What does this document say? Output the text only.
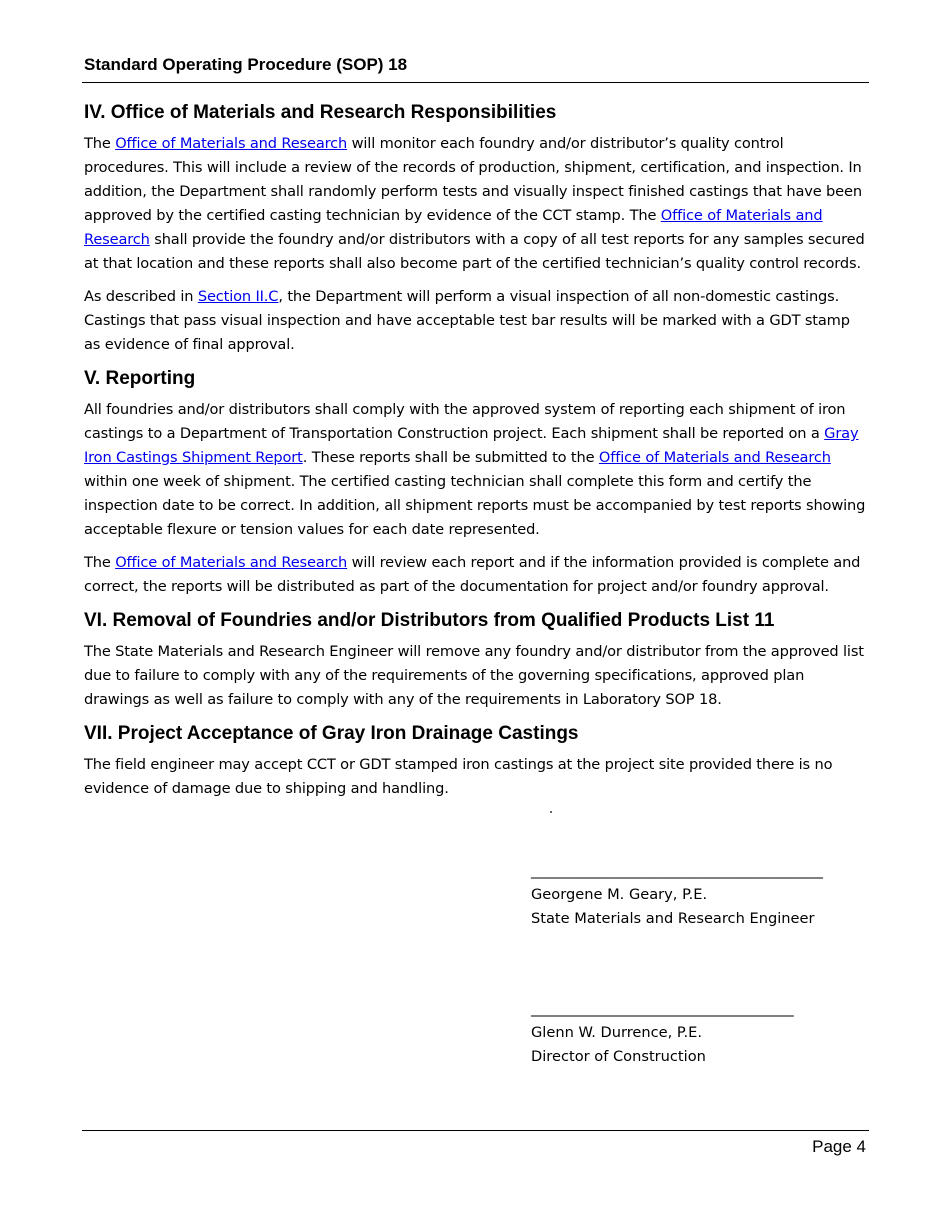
Standard Operating Procedure (SOP) 18
IV. Office of Materials and Research Responsibilities

The Office of Materials and Research will monitor each foundry and/or distributor’s quality control procedures. This will include a review of the records of production, shipment, certification, and inspection. In addition, the Department shall randomly perform tests and visually inspect finished castings that have been approved by the certified casting technician by evidence of the CCT stamp. The Office of Materials and Research shall provide the foundry and/or distributors with a copy of all test reports for any samples secured at that location and these reports shall also become part of the certified technician’s quality control records.

As described in Section II.C, the Department will perform a visual inspection of all non-domestic castings. Castings that pass visual inspection and have acceptable test bar results will be marked with a GDT stamp as evidence of final approval.

V. Reporting

All foundries and/or distributors shall comply with the approved system of reporting each shipment of iron castings to a Department of Transportation Construction project. Each shipment shall be reported on a Gray Iron Castings Shipment Report. These reports shall be submitted to the Office of Materials and Research within one week of shipment. The certified casting technician shall complete this form and certify the inspection date to be correct. In addition, all shipment reports must be accompanied by test reports showing acceptable flexure or tension values for each date represented.

The Office of Materials and Research will review each report and if the information provided is complete and correct, the reports will be distributed as part of the documentation for project and/or foundry approval.

VI. Removal of Foundries and/or Distributors from Qualified Products List 11

The State Materials and Research Engineer will remove any foundry and/or distributor from the approved list due to failure to comply with any of the requirements of the governing specifications, approved plan drawings as well as failure to comply with any of the requirements in Laboratory SOP 18.

VII. Project Acceptance of Gray Iron Drainage Castings

The field engineer may accept CCT or GDT stamped iron castings at the project site provided there is no evidence of damage due to shipping and handling.

________________________________________
Georgene M. Geary, P.E.
State Materials and Research Engineer
____________________________________
Glenn W. Durrence, P.E.
Director of Construction
Page 4
